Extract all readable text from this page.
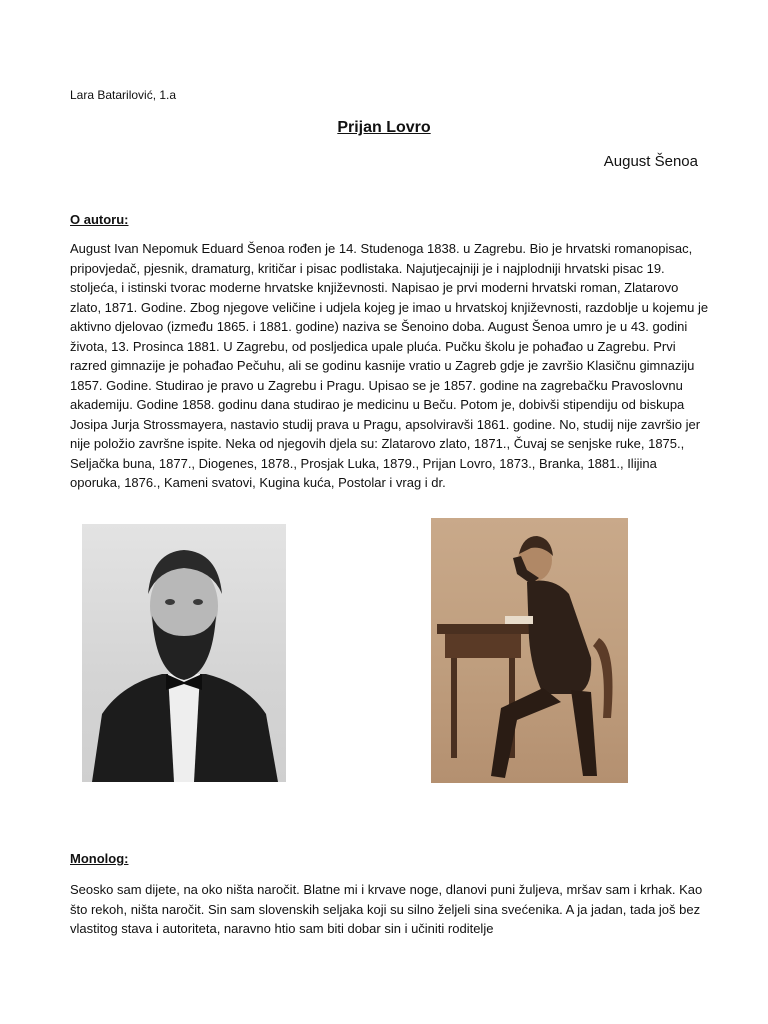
Lara Batarilović, 1.a
Prijan Lovro
August Šenoa
O autoru:

August Ivan Nepomuk Eduard Šenoa rođen je 14. Studenoga 1838. u Zagrebu. Bio je hrvatski romanopisac, pripovjedač, pjesnik, dramaturg, kritičar i pisac podlistaka. Najutjecajniji je i najplodniji hrvatski pisac 19. stoljeća, i istinski tvorac moderne hrvatske književnosti. Napisao je prvi moderni hrvatski roman, Zlatarovo zlato, 1871. Godine. Zbog njegove veličine i udjela kojeg je imao u hrvatskoj književnosti, razdoblje u kojemu je aktivno djelovao (između 1865. i 1881. godine) naziva se Šenoino doba. August Šenoa umro je u 43. godini života, 13. Prosinca 1881. U Zagrebu, od posljedica upale pluća. Pučku školu je pohađao u Zagrebu. Prvi razred gimnazije je pohađao Pečuhu, ali se godinu kasnije vratio u Zagreb gdje je završio Klasičnu gimnaziju 1857. Godine. Studirao je pravo u Zagrebu i Pragu. Upisao se je 1857. godine na zagrebačku Pravoslovnu akademiju. Godine 1858. godinu dana studirao je medicinu u Beču. Potom je, dobivši stipendiju od biskupa Josipa Jurja Strossmayera, nastavio studij prava u Pragu, apsolviravši 1861. godine. No, studij nije završio jer nije položio završne ispite. Neka od njegovih djela su: Zlatarovo zlato, 1871., Čuvaj se senjske ruke, 1875., Seljačka buna, 1877., Diogenes, 1878., Prosjak Luka, 1879., Prijan Lovro, 1873., Branka, 1881., Ilijina oporuka, 1876., Kameni svatovi, Kugina kuća, Postolar i vrag i dr.

Monolog:

Seosko sam dijete, na oko ništa naročit. Blatne mi i krvave noge, dlanovi puni žuljeva, mršav sam i krhak. Kao što rekoh, ništa naročit. Sin sam slovenskih seljaka koji su silno željeli sina svećenika. A ja jadan, tada još bez vlastitog stava i autoriteta, naravno htio sam biti dobar sin i učiniti roditelje
